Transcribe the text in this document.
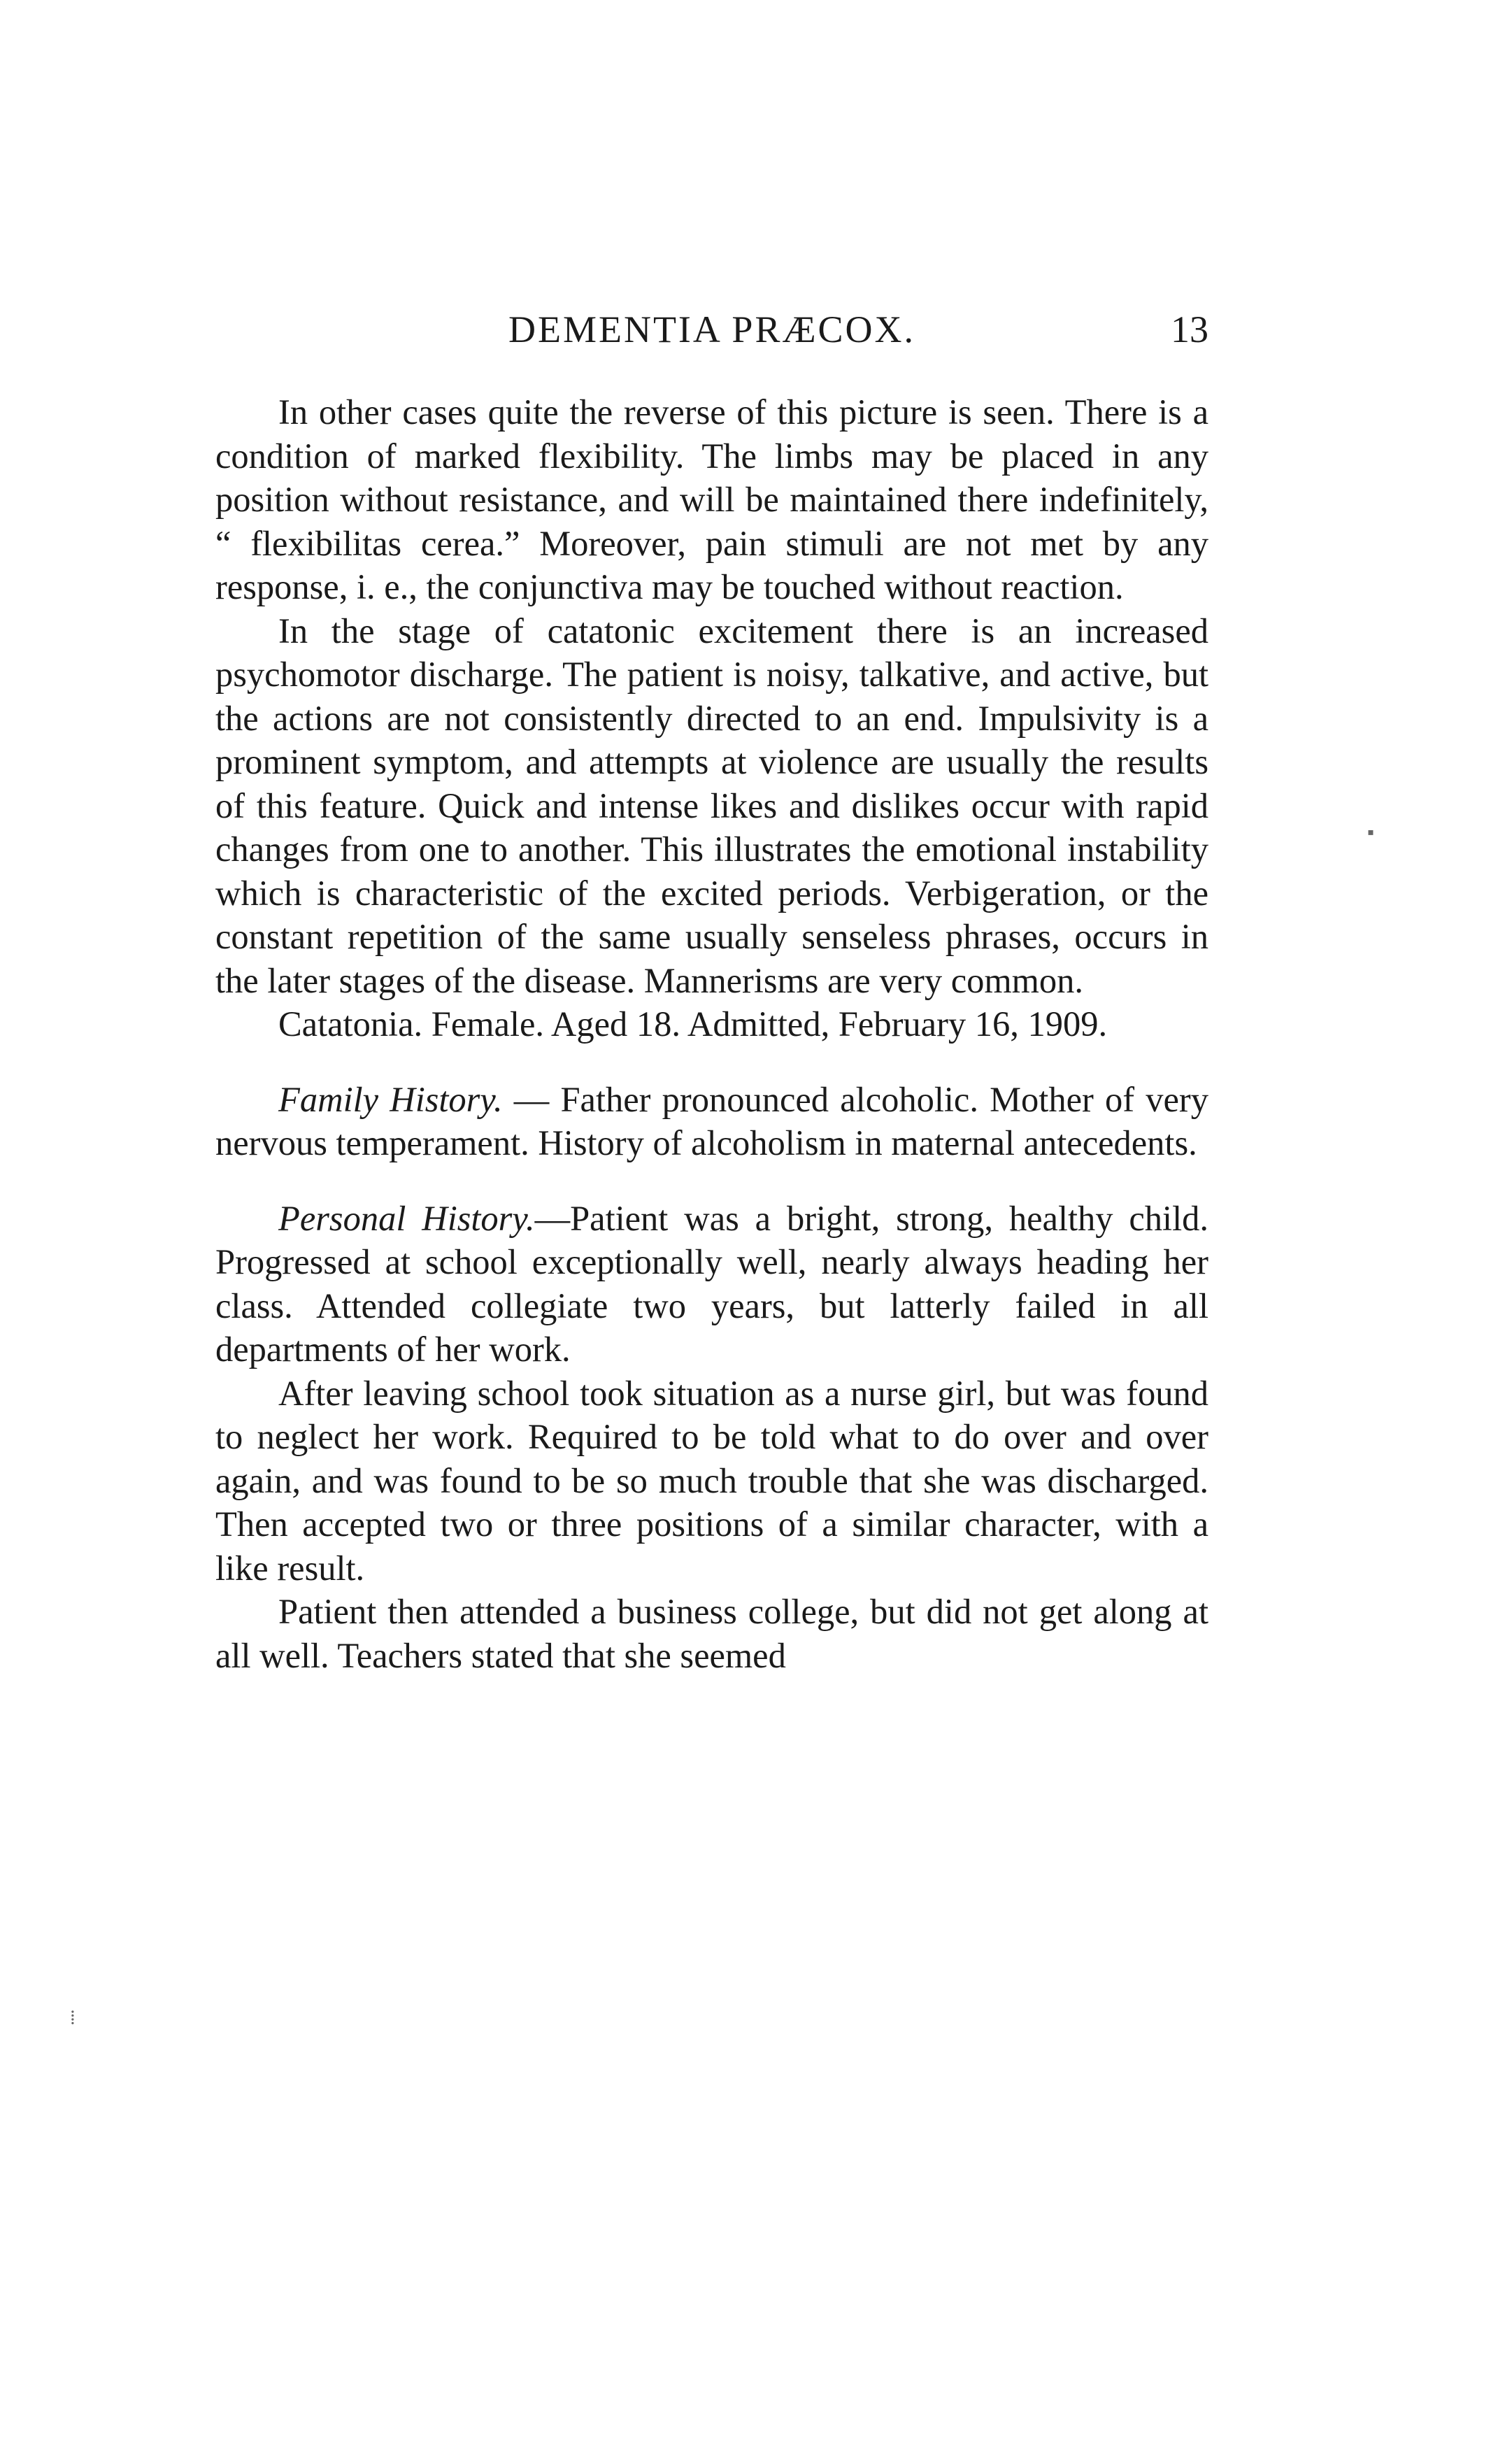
DEMENTIA PRÆCOX.	13

In other cases quite the reverse of this picture is seen. There is a condition of marked flexibility. The limbs may be placed in any position without resistance, and will be maintained there indefinitely, “ flexibilitas cerea.” Moreover, pain stimuli are not met by any response, i. e., the conjunctiva may be touched without reaction.

In the stage of catatonic excitement there is an increased psychomotor discharge. The patient is noisy, talkative, and active, but the actions are not consistently directed to an end. Impulsivity is a prominent symptom, and attempts at violence are usually the results of this feature. Quick and intense likes and dislikes occur with rapid changes from one to another. This illustrates the emotional instability which is characteristic of the excited periods. Verbigeration, or the constant repetition of the same usually senseless phrases, occurs in the later stages of the disease. Mannerisms are very common.

Catatonia. Female. Aged 18. Admitted, February 16, 1909.

Family History. — Father pronounced alcoholic. Mother of very nervous temperament. History of alcoholism in maternal antecedents.

Personal History.—Patient was a bright, strong, healthy child. Progressed at school exceptionally well, nearly always heading her class. Attended collegiate two years, but latterly failed in all departments of her work.

After leaving school took situation as a nurse girl, but was found to neglect her work. Required to be told what to do over and over again, and was found to be so much trouble that she was discharged. Then accepted two or three positions of a similar character, with a like result.

Patient then attended a business college, but did not get along at all well. Teachers stated that she seemed

▪
⁞
